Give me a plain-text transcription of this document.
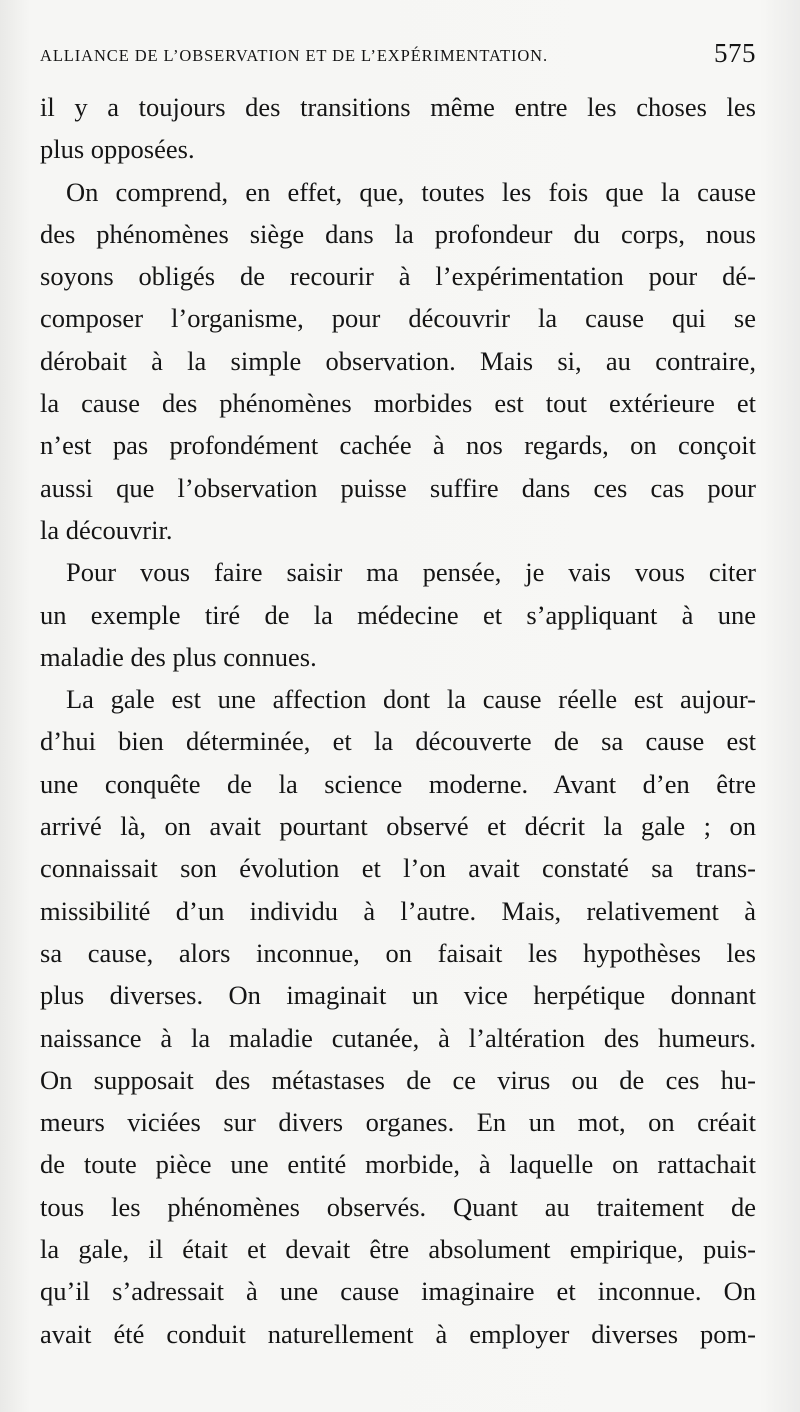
ALLIANCE DE L’OBSERVATION ET DE L’EXPÉRIMENTATION.	575
il y a toujours des transitions même entre les choses les
plus opposées.
On comprend, en effet, que, toutes les fois que la cause
des phénomènes siège dans la profondeur du corps, nous
soyons obligés de recourir à l’expérimentation pour dé-
composer l’organisme, pour découvrir la cause qui se
dérobait à la simple observation. Mais si, au contraire,
la cause des phénomènes morbides est tout extérieure et
n’est pas profondément cachée à nos regards, on conçoit
aussi que l’observation puisse suffire dans ces cas pour
la découvrir.
Pour vous faire saisir ma pensée, je vais vous citer
un exemple tiré de la médecine et s’appliquant à une
maladie des plus connues.
La gale est une affection dont la cause réelle est aujour-
d’hui bien déterminée, et la découverte de sa cause est
une conquête de la science moderne. Avant d’en être
arrivé là, on avait pourtant observé et décrit la gale ; on
connaissait son évolution et l’on avait constaté sa trans-
missibilité d’un individu à l’autre. Mais, relativement à
sa cause, alors inconnue, on faisait les hypothèses les
plus diverses. On imaginait un vice herpétique donnant
naissance à la maladie cutanée, à l’altération des humeurs.
On supposait des métastases de ce virus ou de ces hu-
meurs viciées sur divers organes. En un mot, on créait
de toute pièce une entité morbide, à laquelle on rattachait
tous les phénomènes observés. Quant au traitement de
la gale, il était et devait être absolument empirique, puis-
qu’il s’adressait à une cause imaginaire et inconnue. On
avait été conduit naturellement à employer diverses pom-
